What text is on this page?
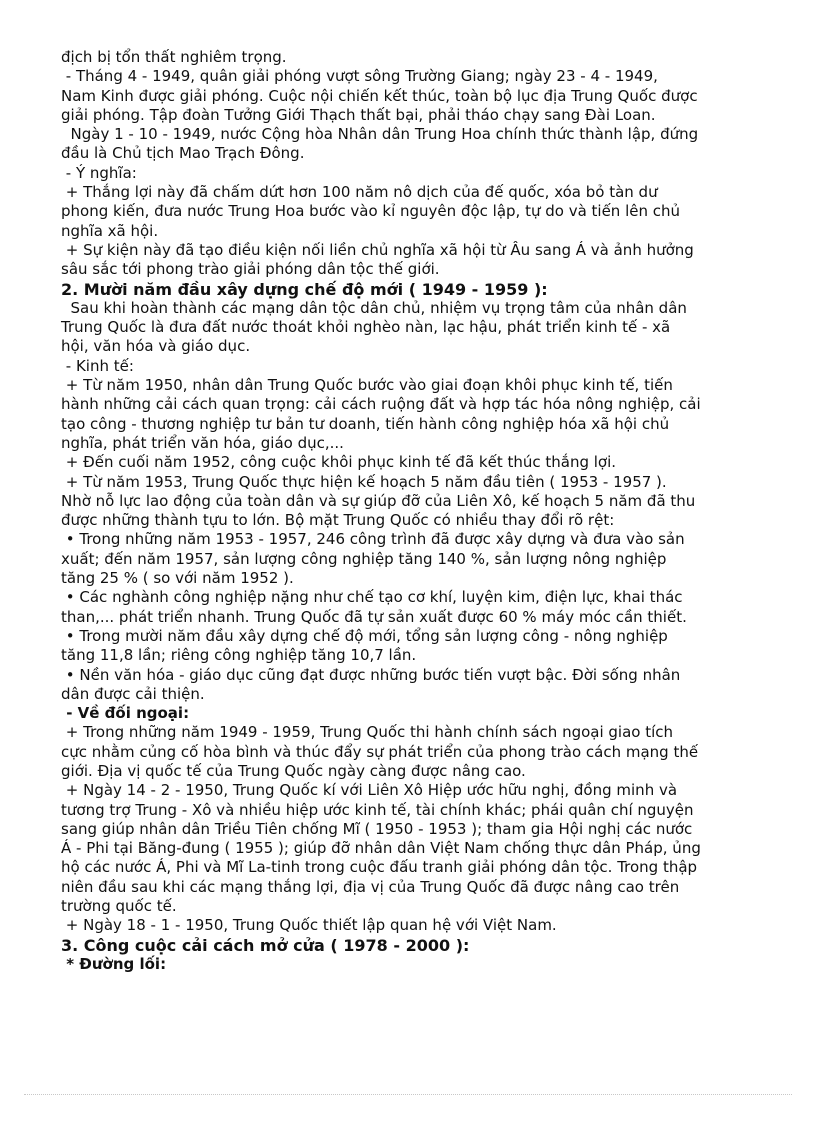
địch bị tổn thất nghiêm trọng.
- Tháng 4 - 1949, quân giải phóng vượt sông Trường Giang; ngày 23 - 4 - 1949,
Nam Kinh được giải phóng. Cuộc nội chiến kết thúc, toàn bộ lục địa Trung Quốc được
giải phóng. Tập đoàn Tưởng Giới Thạch thất bại, phải tháo chạy sang Đài Loan.
Ngày 1 - 10 - 1949, nước Cộng hòa Nhân dân Trung Hoa chính thức thành lập, đứng
đầu là Chủ tịch Mao Trạch Đông.
- Ý nghĩa:
+ Thắng lợi này đã chấm dứt hơn 100 năm nô dịch của đế quốc, xóa bỏ tàn dư
phong kiến, đưa nước Trung Hoa bước vào kỉ nguyên độc lập, tự do và tiến lên chủ
nghĩa xã hội.
+ Sự kiện này đã tạo điều kiện nối liền chủ nghĩa xã hội từ Âu sang Á và ảnh hưởng
sâu sắc tới phong trào giải phóng dân tộc thế giới.
2. Mười năm đầu xây dựng chế độ mới ( 1949 - 1959 ):
Sau khi hoàn thành các mạng dân tộc dân chủ, nhiệm vụ trọng tâm của nhân dân
Trung Quốc là đưa đất nước thoát khỏi nghèo nàn, lạc hậu, phát triển kinh tế - xã
hội, văn hóa và giáo dục.
- Kinh tế:
+ Từ năm 1950, nhân dân Trung Quốc bước vào giai đoạn khôi phục kinh tế, tiến
hành những cải cách quan trọng: cải cách ruộng đất và hợp tác hóa nông nghiệp, cải
tạo công - thương nghiệp tư bản tư doanh, tiến hành công nghiệp hóa xã hội chủ
nghĩa, phát triển văn hóa, giáo dục,...
+ Đến cuối năm 1952, công cuộc khôi phục kinh tế đã kết thúc thắng lợi.
+ Từ năm 1953, Trung Quốc thực hiện kế hoạch 5 năm đầu tiên ( 1953 - 1957 ).
Nhờ nỗ lực lao động của toàn dân và sự giúp đỡ của Liên Xô, kế hoạch 5 năm đã thu
được những thành tựu to lớn. Bộ mặt Trung Quốc có nhiều thay đổi rõ rệt:
• Trong những năm 1953 - 1957, 246 công trình đã được xây dựng và đưa vào sản
xuất; đến năm 1957, sản lượng công nghiệp tăng 140 %, sản lượng nông nghiệp
tăng 25 % ( so với năm 1952 ).
• Các nghành công nghiệp nặng như chế tạo cơ khí, luyện kim, điện lực, khai thác
than,... phát triển nhanh. Trung Quốc đã tự sản xuất được 60 % máy móc cần thiết.
• Trong mười năm đầu xây dựng chế độ mới, tổng sản lượng công - nông nghiệp
tăng 11,8 lần; riêng công nghiệp tăng 10,7 lần.
• Nền văn hóa - giáo dục cũng đạt được những bước tiến vượt bậc. Đời sống nhân
dân được cải thiện.
- Về đối ngoại:
+ Trong những năm 1949 - 1959, Trung Quốc thi hành chính sách ngoại giao tích
cực nhằm củng cố hòa bình và thúc đẩy sự phát triển của phong trào cách mạng thế
giới. Địa vị quốc tế của Trung Quốc ngày càng được nâng cao.
+ Ngày 14 - 2 - 1950, Trung Quốc kí với Liên Xô Hiệp ước hữu nghị, đồng minh và
tương trợ Trung - Xô và nhiều hiệp ước kinh tế, tài chính khác; phái quân chí nguyện
sang giúp nhân dân Triều Tiên chống Mĩ ( 1950 - 1953 ); tham gia Hội nghị các nước
Á - Phi tại Băng-đung ( 1955 ); giúp đỡ nhân dân Việt Nam chống thực dân Pháp, ủng
hộ các nước Á, Phi và Mĩ La-tinh trong cuộc đấu tranh giải phóng dân tộc. Trong thập
niên đầu sau khi các mạng thắng lợi, địa vị của Trung Quốc đã được nâng cao trên
trường quốc tế.
+ Ngày 18 - 1 - 1950, Trung Quốc thiết lập quan hệ với Việt Nam.
3. Công cuộc cải cách mở cửa ( 1978 - 2000 ):
* Đường lối:
